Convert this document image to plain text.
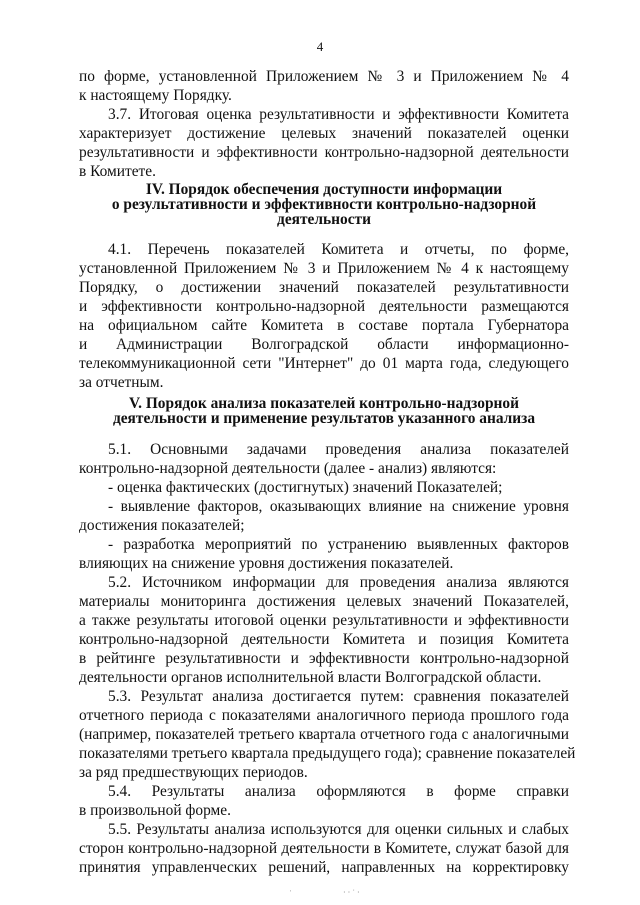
4
по форме, установленной Приложением № 3 и Приложением № 4
к настоящему Порядку.
3.7. Итоговая оценка результативности и эффективности Комитета
характеризует достижение целевых значений показателей оценки
результативности и эффективности контрольно-надзорной деятельности
в Комитете.
IV. Порядок обеспечения доступности информации
о результативности и эффективности контрольно-надзорной
деятельности
4.1. Перечень показателей Комитета и отчеты, по форме,
установленной Приложением № 3 и Приложением № 4 к настоящему
Порядку, о достижении значений показателей результативности
и эффективности контрольно-надзорной деятельности размещаются
на официальном сайте Комитета в составе портала Губернатора
и Администрации Волгоградской области информационно-
телекоммуникационной сети "Интернет" до 01 марта года, следующего
за отчетным.
V. Порядок анализа показателей контрольно-надзорной
деятельности и применение результатов указанного анализа
5.1. Основными задачами проведения анализа показателей
контрольно-надзорной деятельности (далее - анализ) являются:
- оценка фактических (достигнутых) значений Показателей;
- выявление факторов, оказывающих влияние на снижение уровня
достижения показателей;
- разработка мероприятий по устранению выявленных факторов
влияющих на снижение уровня достижения показателей.
5.2. Источником информации для проведения анализа являются
материалы мониторинга достижения целевых значений Показателей,
а также результаты итоговой оценки результативности и эффективности
контрольно-надзорной деятельности Комитета и позиция Комитета
в рейтинге результативности и эффективности контрольно-надзорной
деятельности органов исполнительной власти Волгоградской области.
5.3. Результат анализа достигается путем: сравнения показателей
отчетного периода с показателями аналогичного периода прошлого года
(например, показателей третьего квартала отчетного года с аналогичными
показателями третьего квартала предыдущего года); сравнение показателей
за ряд предшествующих периодов.
5.4. Результаты анализа оформляются в форме справки
в произвольной форме.
5.5. Результаты анализа используются для оценки сильных и слабых
сторон контрольно-надзорной деятельности в Комитете, служат базой для
принятия управленческих решений, направленных на корректировку
ˈ	· · ˙ ·
